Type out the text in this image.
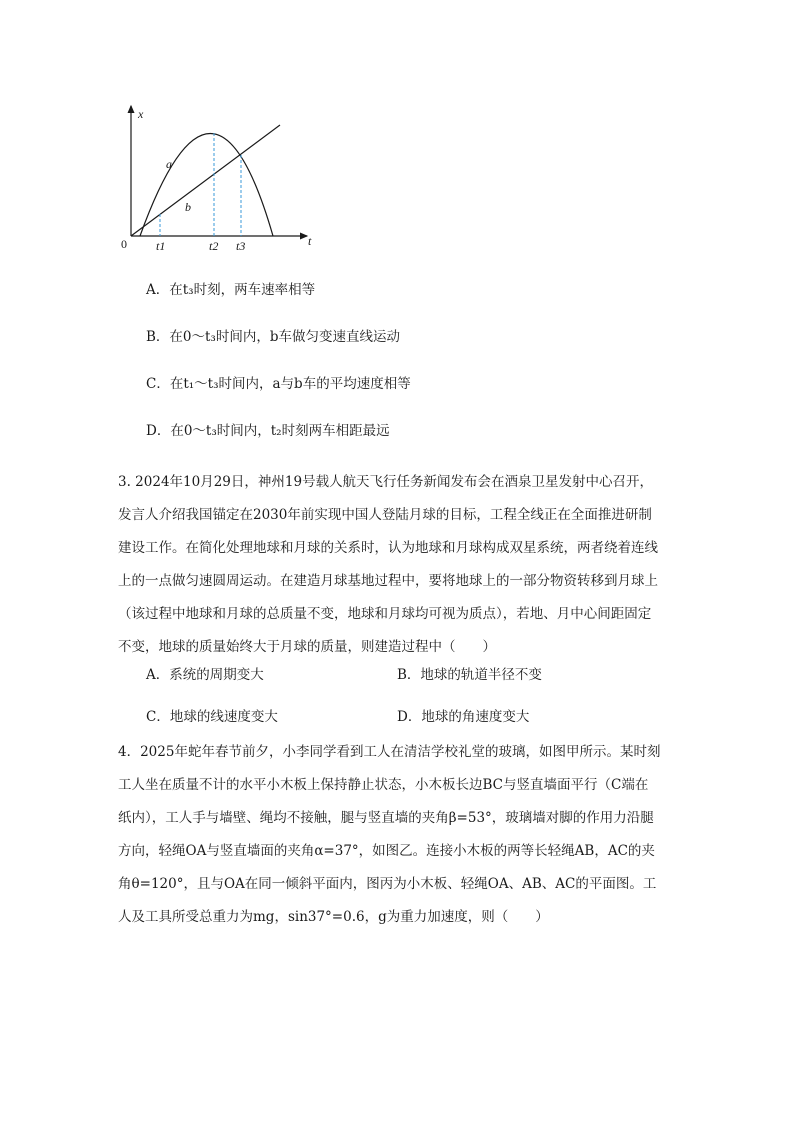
x
t
0
a
b
t1	t2 t3
A．在t₃时刻，两车速率相等
B．在0～t₃时间内，b车做匀变速直线运动
C．在t₁～t₃时间内，a与b车的平均速度相等
D．在0～t₃时间内，t₂时刻两车相距最远
3. 2024年10月29日，神州19号载人航天飞行任务新闻发布会在酒泉卫星发射中心召开，
发言人介绍我国锚定在2030年前实现中国人登陆月球的目标，工程全线正在全面推进研制
建设工作。在简化处理地球和月球的关系时，认为地球和月球构成双星系统，两者绕着连线
上的一点做匀速圆周运动。在建造月球基地过程中，要将地球上的一部分物资转移到月球上
（该过程中地球和月球的总质量不变，地球和月球均可视为质点），若地、月中心间距固定
不变，地球的质量始终大于月球的质量，则建造过程中（　　）
A．系统的周期变大	B．地球的轨道半径不变
C．地球的线速度变大	D．地球的角速度变大
4．2025年蛇年春节前夕，小李同学看到工人在清洁学校礼堂的玻璃，如图甲所示。某时刻
工人坐在质量不计的水平小木板上保持静止状态，小木板长边BC与竖直墙面平行（C端在
纸内），工人手与墙壁、绳均不接触，腿与竖直墙的夹角β=53°，玻璃墙对脚的作用力沿腿
方向，轻绳OA与竖直墙面的夹角α=37°，如图乙。连接小木板的两等长轻绳AB，AC的夹
角θ=120°，且与OA在同一倾斜平面内，图丙为小木板、轻绳OA、AB、AC的平面图。工
人及工具所受总重力为mg，sin37°=0.6，g为重力加速度，则（　　）
